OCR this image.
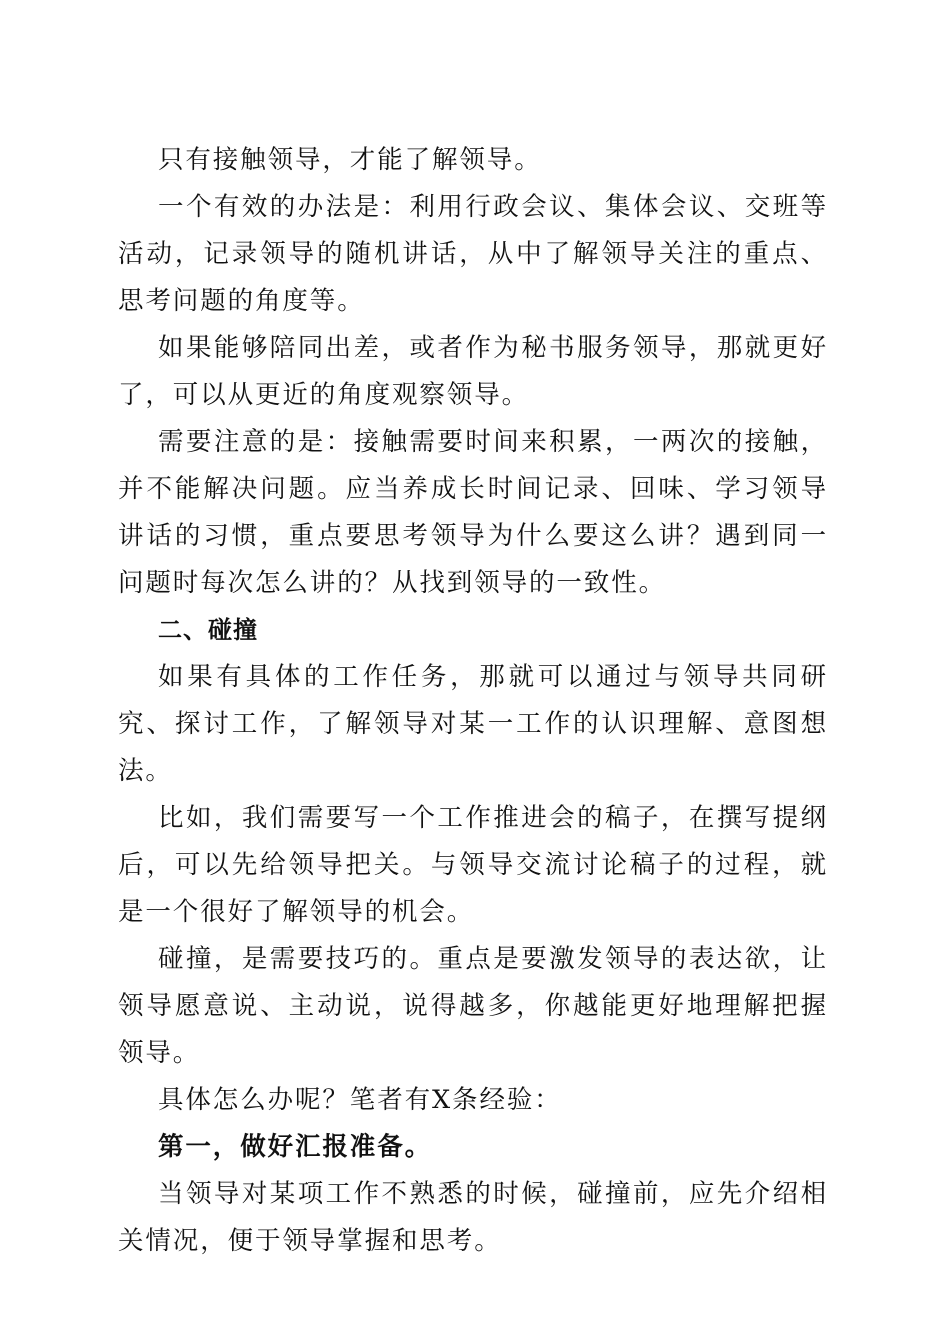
只有接触领导，才能了解领导。

一个有效的办法是：利用行政会议、集体会议、交班等活动，记录领导的随机讲话，从中了解领导关注的重点、思考问题的角度等。

如果能够陪同出差，或者作为秘书服务领导，那就更好了，可以从更近的角度观察领导。

需要注意的是：接触需要时间来积累，一两次的接触，并不能解决问题。应当养成长时间记录、回味、学习领导讲话的习惯，重点要思考领导为什么要这么讲？遇到同一问题时每次怎么讲的？从找到领导的一致性。

二、碰撞

如果有具体的工作任务，那就可以通过与领导共同研究、探讨工作，了解领导对某一工作的认识理解、意图想法。

比如，我们需要写一个工作推进会的稿子，在撰写提纲后，可以先给领导把关。与领导交流讨论稿子的过程，就是一个很好了解领导的机会。

碰撞，是需要技巧的。重点是要激发领导的表达欲，让领导愿意说、主动说，说得越多，你越能更好地理解把握领导。

具体怎么办呢？笔者有X条经验：

第一，做好汇报准备。

当领导对某项工作不熟悉的时候，碰撞前，应先介绍相关情况，便于领导掌握和思考。
